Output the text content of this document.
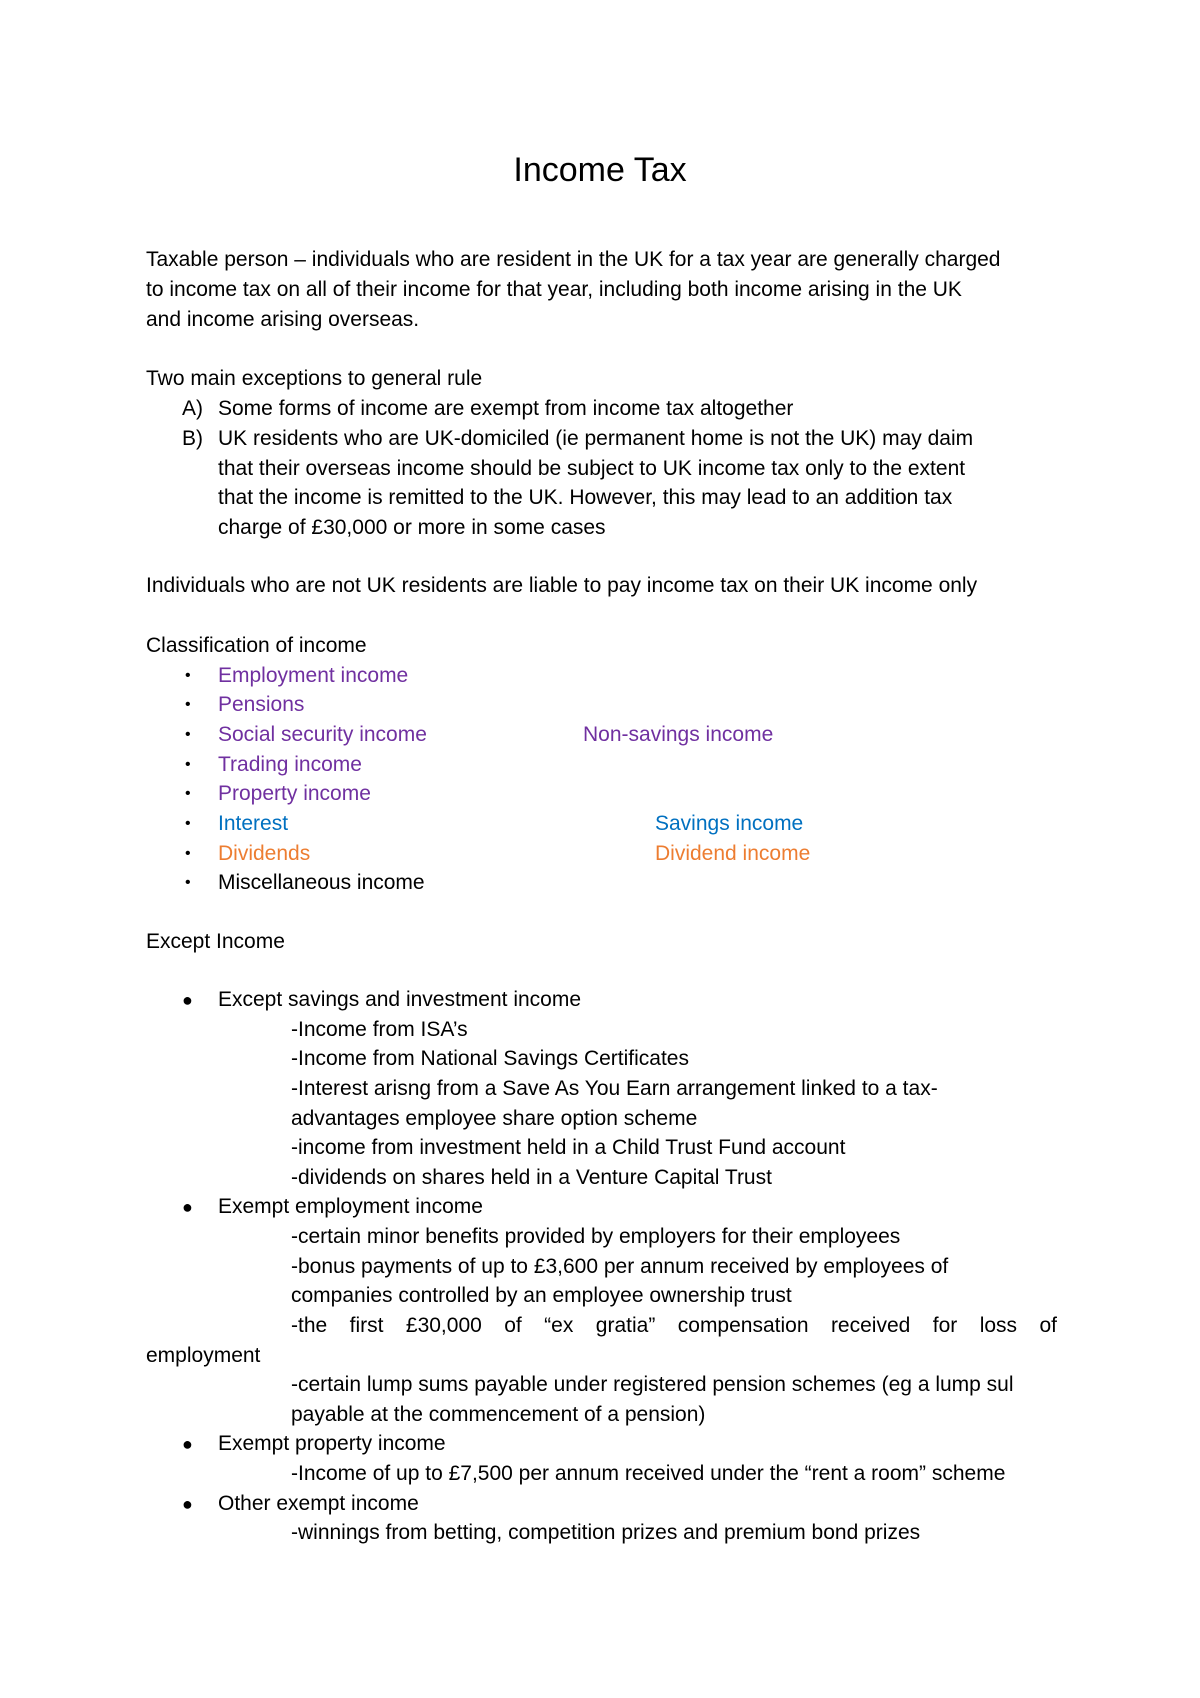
Income Tax
Taxable person – individuals who are resident in the UK for a tax year are generally charged
to income tax on all of their income for that year, including both income arising in the UK
and income arising overseas.
Two main exceptions to general rule
A) Some forms of income are exempt from income tax altogether
B) UK residents who are UK-domiciled (ie permanent home is not the UK) may daim
that their overseas income should be subject to UK income tax only to the extent
that the income is remitted to the UK. However, this may lead to an addition tax
charge of £30,000 or more in some cases
Individuals who are not UK residents are liable to pay income tax on their UK income only
Classification of income
• Employment income
• Pensions
• Social security income	Non-savings income
• Trading income
• Property income
• Interest	Savings income
• Dividends	Dividend income
• Miscellaneous income
Except Income
● Except savings and investment income
-Income from ISA’s
-Income from National Savings Certificates
-Interest arisng from a Save As You Earn arrangement linked to a tax-
advantages employee share option scheme
-income from investment held in a Child Trust Fund account
-dividends on shares held in a Venture Capital Trust
● Exempt employment income
-certain minor benefits provided by employers for their employees
-bonus payments of up to £3,600 per annum received by employees of
companies controlled by an employee ownership trust
-the first £30,000 of “ex gratia” compensation received for loss of
employment
-certain lump sums payable under registered pension schemes (eg a lump sul
payable at the commencement of a pension)
● Exempt property income
-Income of up to £7,500 per annum received under the “rent a room” scheme
● Other exempt income
-winnings from betting, competition prizes and premium bond prizes
